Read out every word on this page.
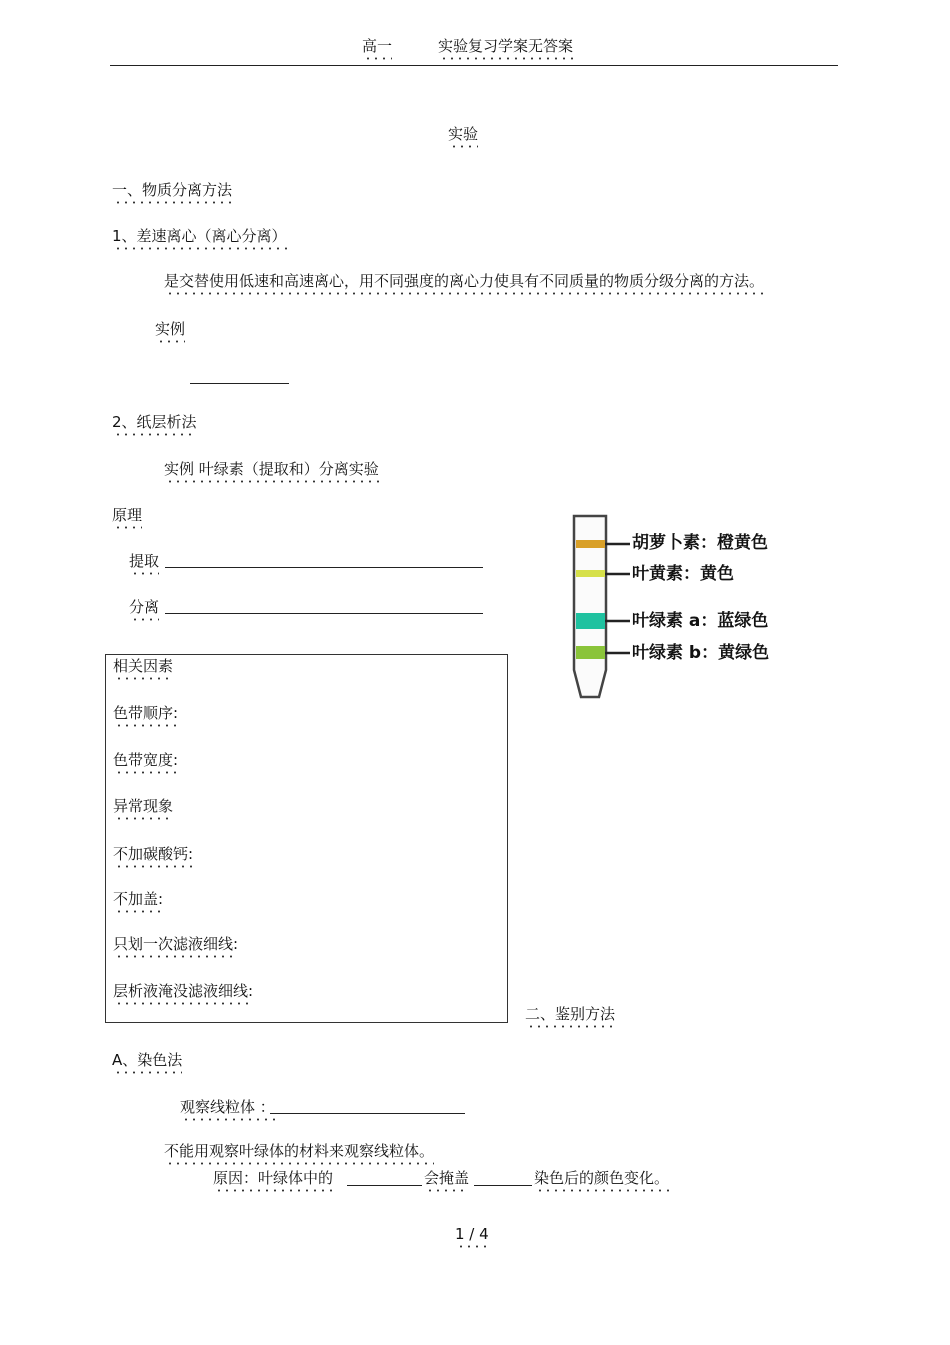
高一	实验复习学案无答案
实验
一、物质分离方法
1、差速离心（离心分离）
是交替使用低速和高速离心，用不同强度的离心力使具有不同质量的物质分级分离的方法。
实例
2、纸层析法
实例 叶绿素（提取和）分离实验
原理
提取
分离
相关因素
色带顺序:
色带宽度:
异常现象
不加碳酸钙:
不加盖:
只划一次滤液细线:
层析液淹没滤液细线:
胡萝卜素：橙黄色
叶黄素：黄色
叶绿素 a：蓝绿色
叶绿素 b：黄绿色
二、鉴别方法
A、染色法
观察线粒体 ：
不能用观察叶绿体的材料来观察线粒体。
原因：叶绿体中的	会掩盖	染色后的颜色变化。
1 / 4
